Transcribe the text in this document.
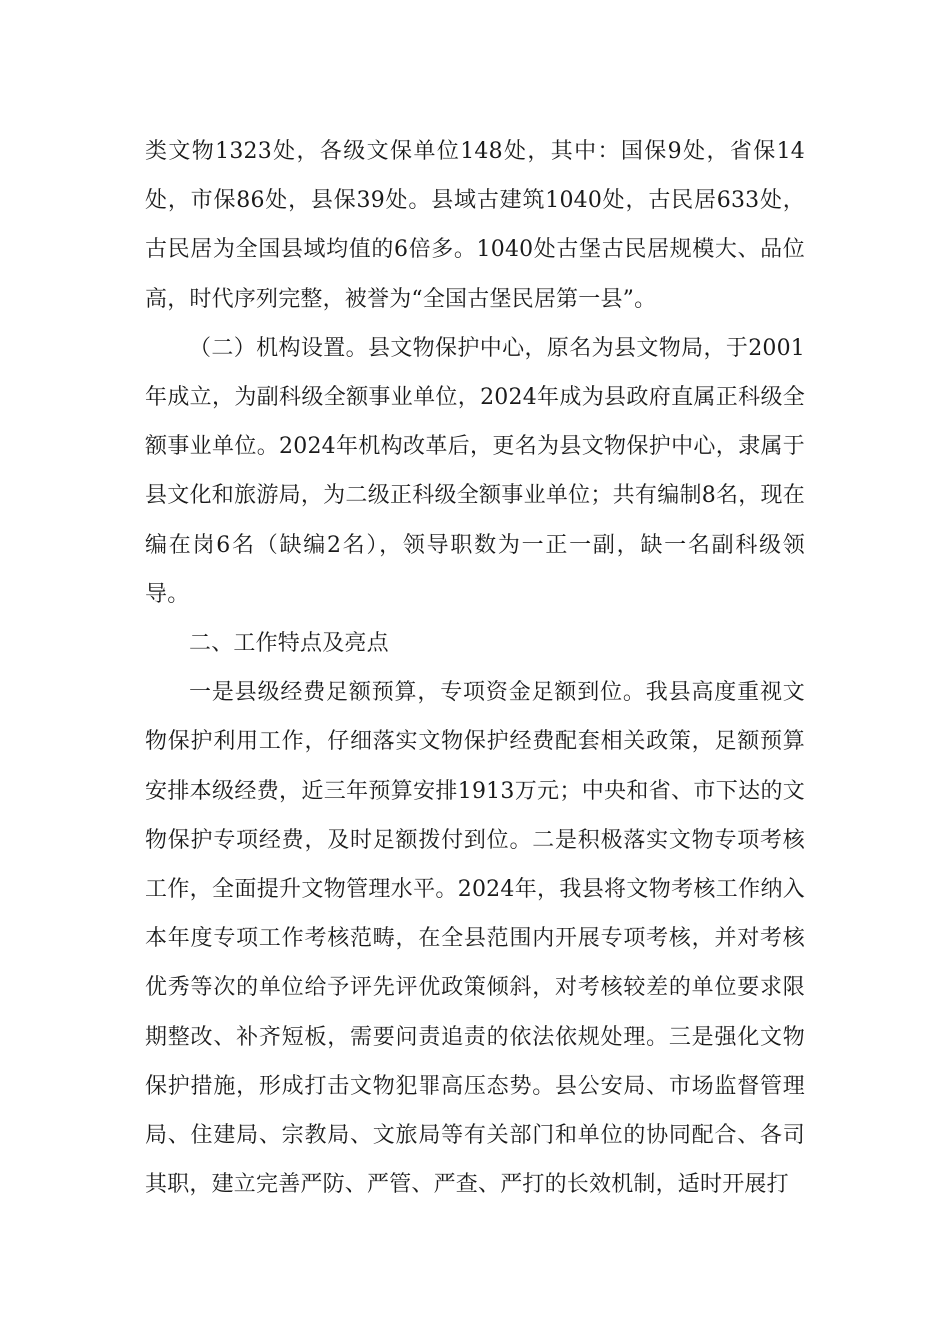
类文物1323处，各级文保单位148处，其中：国保9处，省保14处，市保86处，县保39处。县域古建筑1040处，古民居633处，古民居为全国县域均值的6倍多。1040处古堡古民居规模大、品位高，时代序列完整，被誉为“全国古堡民居第一县”。

（二）机构设置。县文物保护中心，原名为县文物局，于2001年成立，为副科级全额事业单位，2024年成为县政府直属正科级全额事业单位。2024年机构改革后，更名为县文物保护中心，隶属于县文化和旅游局，为二级正科级全额事业单位；共有编制8名，现在编在岗6名（缺编2名），领导职数为一正一副，缺一名副科级领导。

二、工作特点及亮点

一是县级经费足额预算，专项资金足额到位。我县高度重视文物保护利用工作，仔细落实文物保护经费配套相关政策，足额预算安排本级经费，近三年预算安排1913万元；中央和省、市下达的文物保护专项经费，及时足额拨付到位。二是积极落实文物专项考核工作，全面提升文物管理水平。2024年，我县将文物考核工作纳入本年度专项工作考核范畴，在全县范围内开展专项考核，并对考核优秀等次的单位给予评先评优政策倾斜，对考核较差的单位要求限期整改、补齐短板，需要问责追责的依法依规处理。三是强化文物保护措施，形成打击文物犯罪高压态势。县公安局、市场监督管理局、住建局、宗教局、文旅局等有关部门和单位的协同配合、各司其职，建立完善严防、严管、严查、严打的长效机制，适时开展打
